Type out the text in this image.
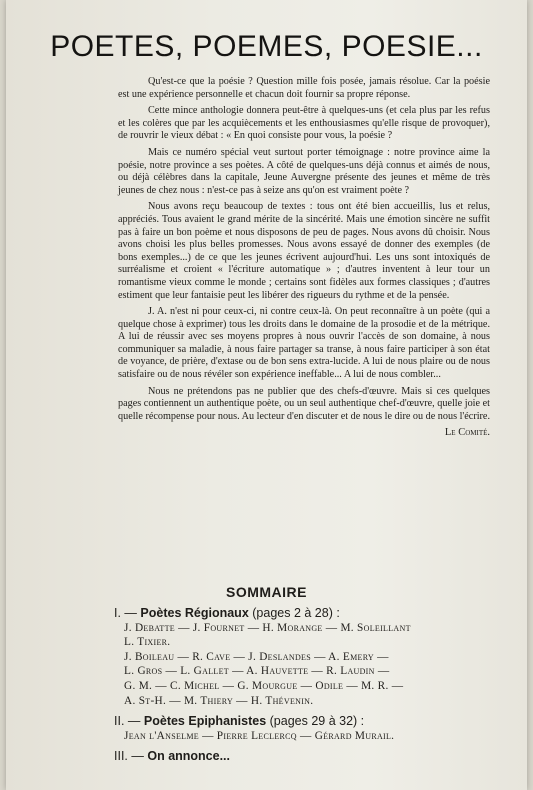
POETES, POEMES, POESIE...

Qu'est-ce que la poésie ? Question mille fois posée, jamais résolue. Car la poésie est une expérience personnelle et chacun doit fournir sa propre réponse.

Cette mince anthologie donnera peut-être à quelques-uns (et cela plus par les refus et les colères que par les acquiècements et les enthousiasmes qu'elle risque de provoquer), de rouvrir le vieux débat : « En quoi consiste pour vous, la poésie ?

Mais ce numéro spécial veut surtout porter témoignage : notre province aime la poésie, notre province a ses poètes. A côté de quelques-uns déjà connus et aimés de nous, ou déjà célèbres dans la capitale, Jeune Auvergne présente des jeunes et même de très jeunes de chez nous : n'est-ce pas à seize ans qu'on est vraiment poète ?

Nous avons reçu beaucoup de textes : tous ont été bien accueillis, lus et relus, appréciés. Tous avaient le grand mérite de la sincérité. Mais une émotion sincère ne suffit pas à faire un bon poème et nous disposons de peu de pages. Nous avons dû choisir. Nous avons choisi les plus belles promesses. Nous avons essayé de donner des exemples (de bons exemples...) de ce que les jeunes écrivent aujourd'hui. Les uns sont intoxiqués de surréalisme et croient « l'écriture automatique » ; d'autres inventent à leur tour un romantisme vieux comme le monde ; certains sont fidèles aux formes classiques ; d'autres estiment que leur fantaisie peut les libérer des rigueurs du rythme et de la pensée.

J. A. n'est ni pour ceux-ci, ni contre ceux-là. On peut reconnaître à un poète (qui a quelque chose à exprimer) tous les droits dans le domaine de la prosodie et de la métrique. A lui de réussir avec ses moyens propres à nous ouvrir l'accès de son domaine, à nous communiquer sa maladie, à nous faire partager sa transe, à nous faire participer à son état de voyance, de prière, d'extase ou de bon sens extra-lucide. A lui de nous plaire ou de nous satisfaire ou de nous révéler son expérience ineffable... A lui de nous combler...

Nous ne prétendons pas ne publier que des chefs-d'œuvre. Mais si ces quelques pages contiennent un authentique poète, ou un seul authentique chef-d'œuvre, quelle joie et quelle récompense pour nous. Au lecteur d'en discuter et de nous le dire ou de nous l'écrire.

Le Comité.
SOMMAIRE
I. — Poètes Régionaux (pages 2 à 28) :
J. Debatte — J. Fournet — H. Morange — M. Soleillant
L. Tixier.
J. Boileau — R. Cave — J. Deslandes — A. Emery —
L. Gros — L. Gallet — A. Hauvette — R. Laudin —
G. M. — C. Michel — G. Mourgue — Odile — M. R. —
A. St-H. — M. Thiery — H. Thévenin.
II. — Poètes Epiphanistes (pages 29 à 32) :
Jean l'Anselme — Pierre Leclercq — Gérard Murail.
III. — On annonce...
